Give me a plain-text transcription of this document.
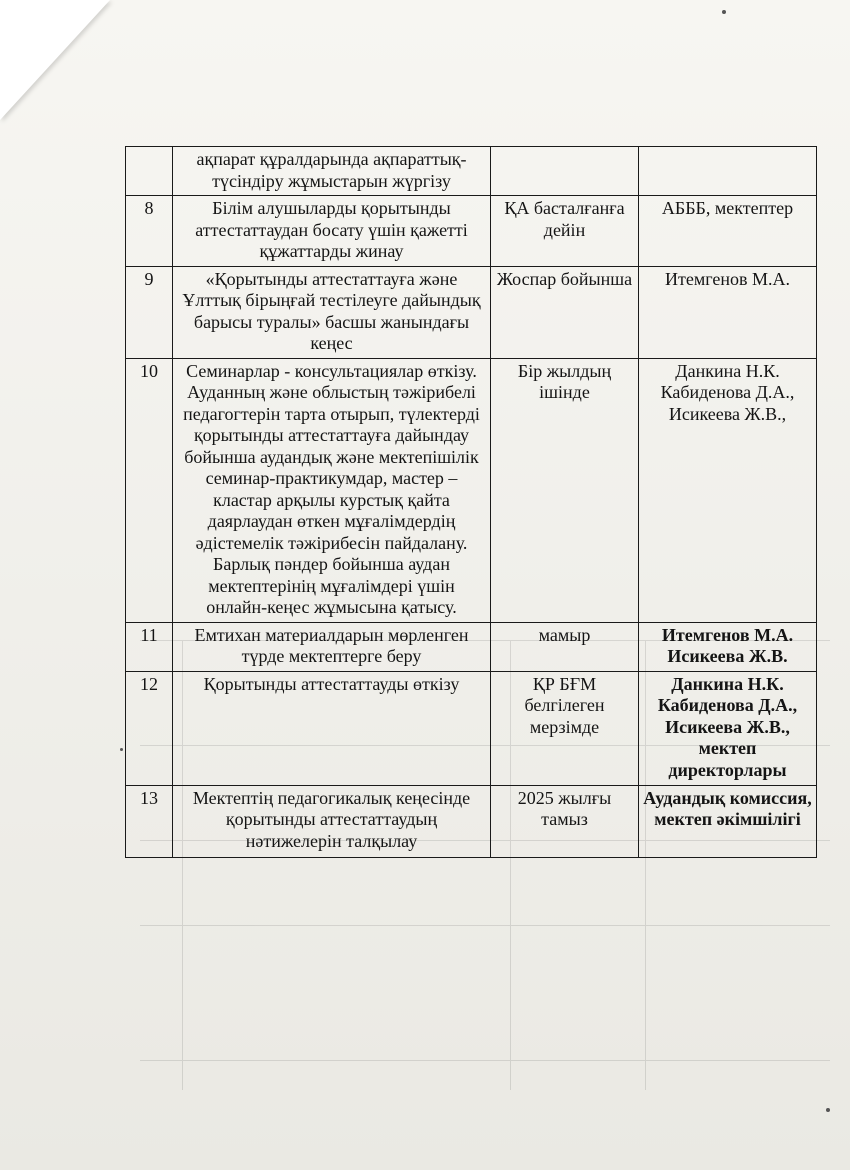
	ақпарат құралдарында ақпараттық-түсіндіру жұмыстарын жүргізу		
8	Білім алушыларды қорытынды аттестаттаудан босату үшін қажетті құжаттарды жинау	ҚА басталғанға дейін	АБББ, мектептер
9	«Қорытынды аттестаттауға және Ұлттық бірыңғай тестілеуге дайындық барысы туралы» басшы жанындағы кеңес	Жоспар бойынша	Итемгенов М.А.
10	Семинарлар - консультациялар өткізу. Ауданның және облыстың тәжірибелі педагогтерін тарта отырып, түлектерді қорытынды аттестаттауға дайындау бойынша аудандық және мектепішілік семинар-практикумдар, мастер – кластар арқылы курстық қайта даярлаудан өткен мұғалімдердің әдістемелік тәжірибесін пайдалану. Барлық пәндер бойынша аудан мектептерінің мұғалімдері үшін онлайн-кеңес жұмысына қатысу.	Бір жылдың ішінде	Данкина Н.К. Кабиденова Д.А., Исикеева Ж.В.,
11	Емтихан материалдарын мөрленген түрде мектептерге беру	мамыр	Итемгенов М.А. Исикеева Ж.В.
12	Қорытынды аттестаттауды өткізу	ҚР БҒМ белгілеген мерзімде	Данкина Н.К. Кабиденова Д.А., Исикеева Ж.В., мектеп директорлары
13	Мектептің педагогикалық кеңесінде қорытынды аттестаттаудың нәтижелерін талқылау	2025 жылғы тамыз	Аудандық комиссия, мектеп әкімшілігі
